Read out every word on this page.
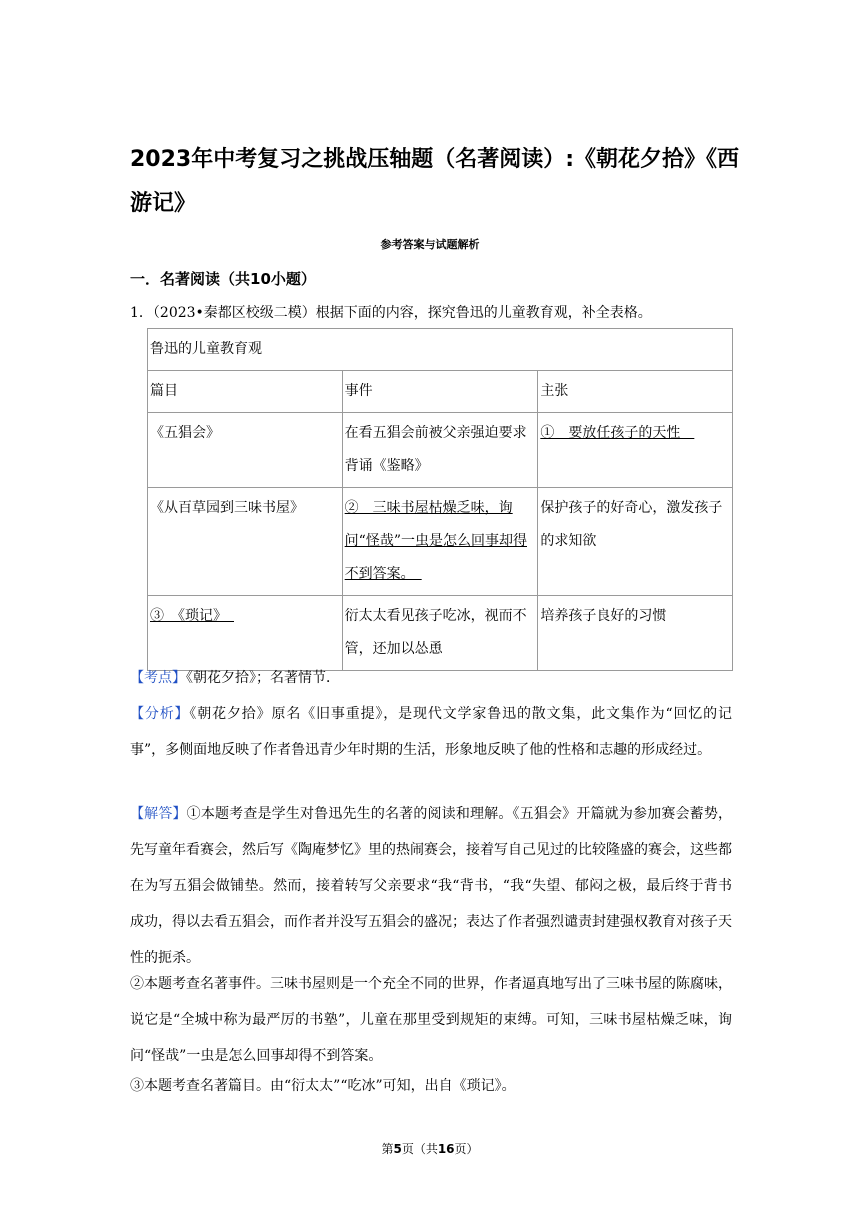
2023年中考复习之挑战压轴题（名著阅读）:《朝花夕拾》《西游记》
参考答案与试题解析
一．名著阅读（共10小题）
1．（2023•秦都区校级二模）根据下面的内容，探究鲁迅的儿童教育观，补全表格。
鲁迅的儿童教育观		
篇目	事件	主张
《五猖会》	在看五猖会前被父亲强迫要求背诵《鉴略》	①　要放任孩子的天性　
《从百草园到三味书屋》	②　三味书屋枯燥乏味，询问“怪哉”一虫是怎么回事却得不到答案。　	保护孩子的好奇心，激发孩子的求知欲
③　《琐记》　	衍太太看见孩子吃冰，视而不管，还加以怂恿	培养孩子良好的习惯

【考点】《朝花夕拾》；名著情节．

【分析】《朝花夕拾》原名《旧事重提》，是现代文学家鲁迅的散文集，此文集作为“回忆的记事”，多侧面地反映了作者鲁迅青少年时期的生活，形象地反映了他的性格和志趣的形成经过。

【解答】①本题考查是学生对鲁迅先生的名著的阅读和理解。《五猖会》开篇就为参加赛会蓄势，先写童年看赛会，然后写《陶庵梦忆》里的热闹赛会，接着写自己见过的比较隆盛的赛会，这些都在为写五猖会做铺垫。然而，接着转写父亲要求“我“背书，“我“失望、郁闷之极，最后终于背书成功，得以去看五猖会，而作者并没写五猖会的盛况；表达了作者强烈谴责封建强权教育对孩子天性的扼杀。

②本题考查名著事件。三味书屋则是一个充全不同的世界，作者逼真地写出了三味书屋的陈腐味，说它是“全城中称为最严厉的书塾”，儿童在那里受到规矩的束缚。可知，三味书屋枯燥乏味，询问“怪哉”一虫是怎么回事却得不到答案。

③本题考查名著篇目。由“衍太太”“吃冰”可知，出自《琐记》。

第5页（共16页）
